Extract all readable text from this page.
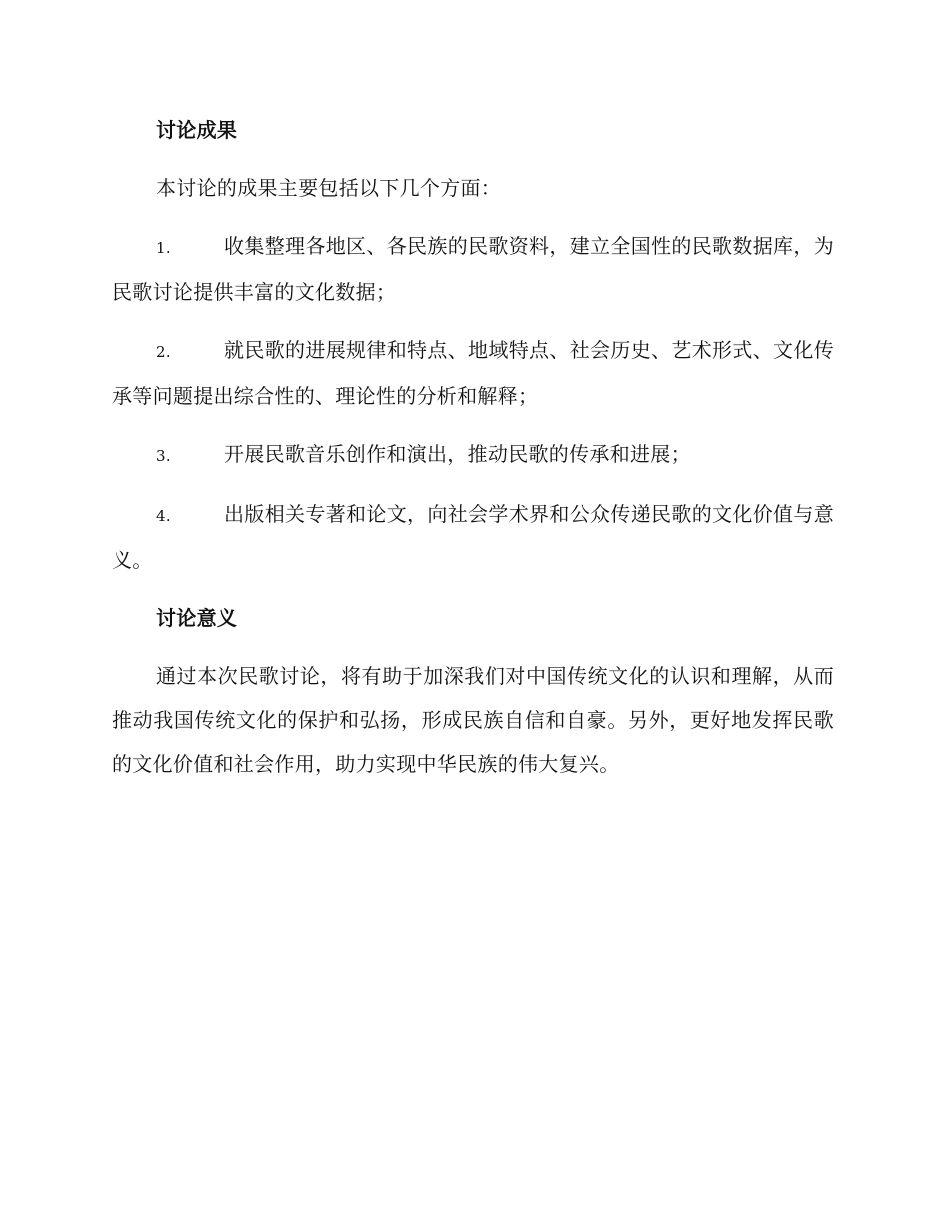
讨论成果

本讨论的成果主要包括以下几个方面：

1.	收集整理各地区、各民族的民歌资料，建立全国性的民歌数据库，为民歌讨论提供丰富的文化数据；

2.	就民歌的进展规律和特点、地域特点、社会历史、艺术形式、文化传承等问题提出综合性的、理论性的分析和解释；

3.	开展民歌音乐创作和演出，推动民歌的传承和进展；

4.	出版相关专著和论文，向社会学术界和公众传递民歌的文化价值与意义。

讨论意义

通过本次民歌讨论，将有助于加深我们对中国传统文化的认识和理解，从而推动我国传统文化的保护和弘扬，形成民族自信和自豪。另外，更好地发挥民歌的文化价值和社会作用，助力实现中华民族的伟大复兴。
